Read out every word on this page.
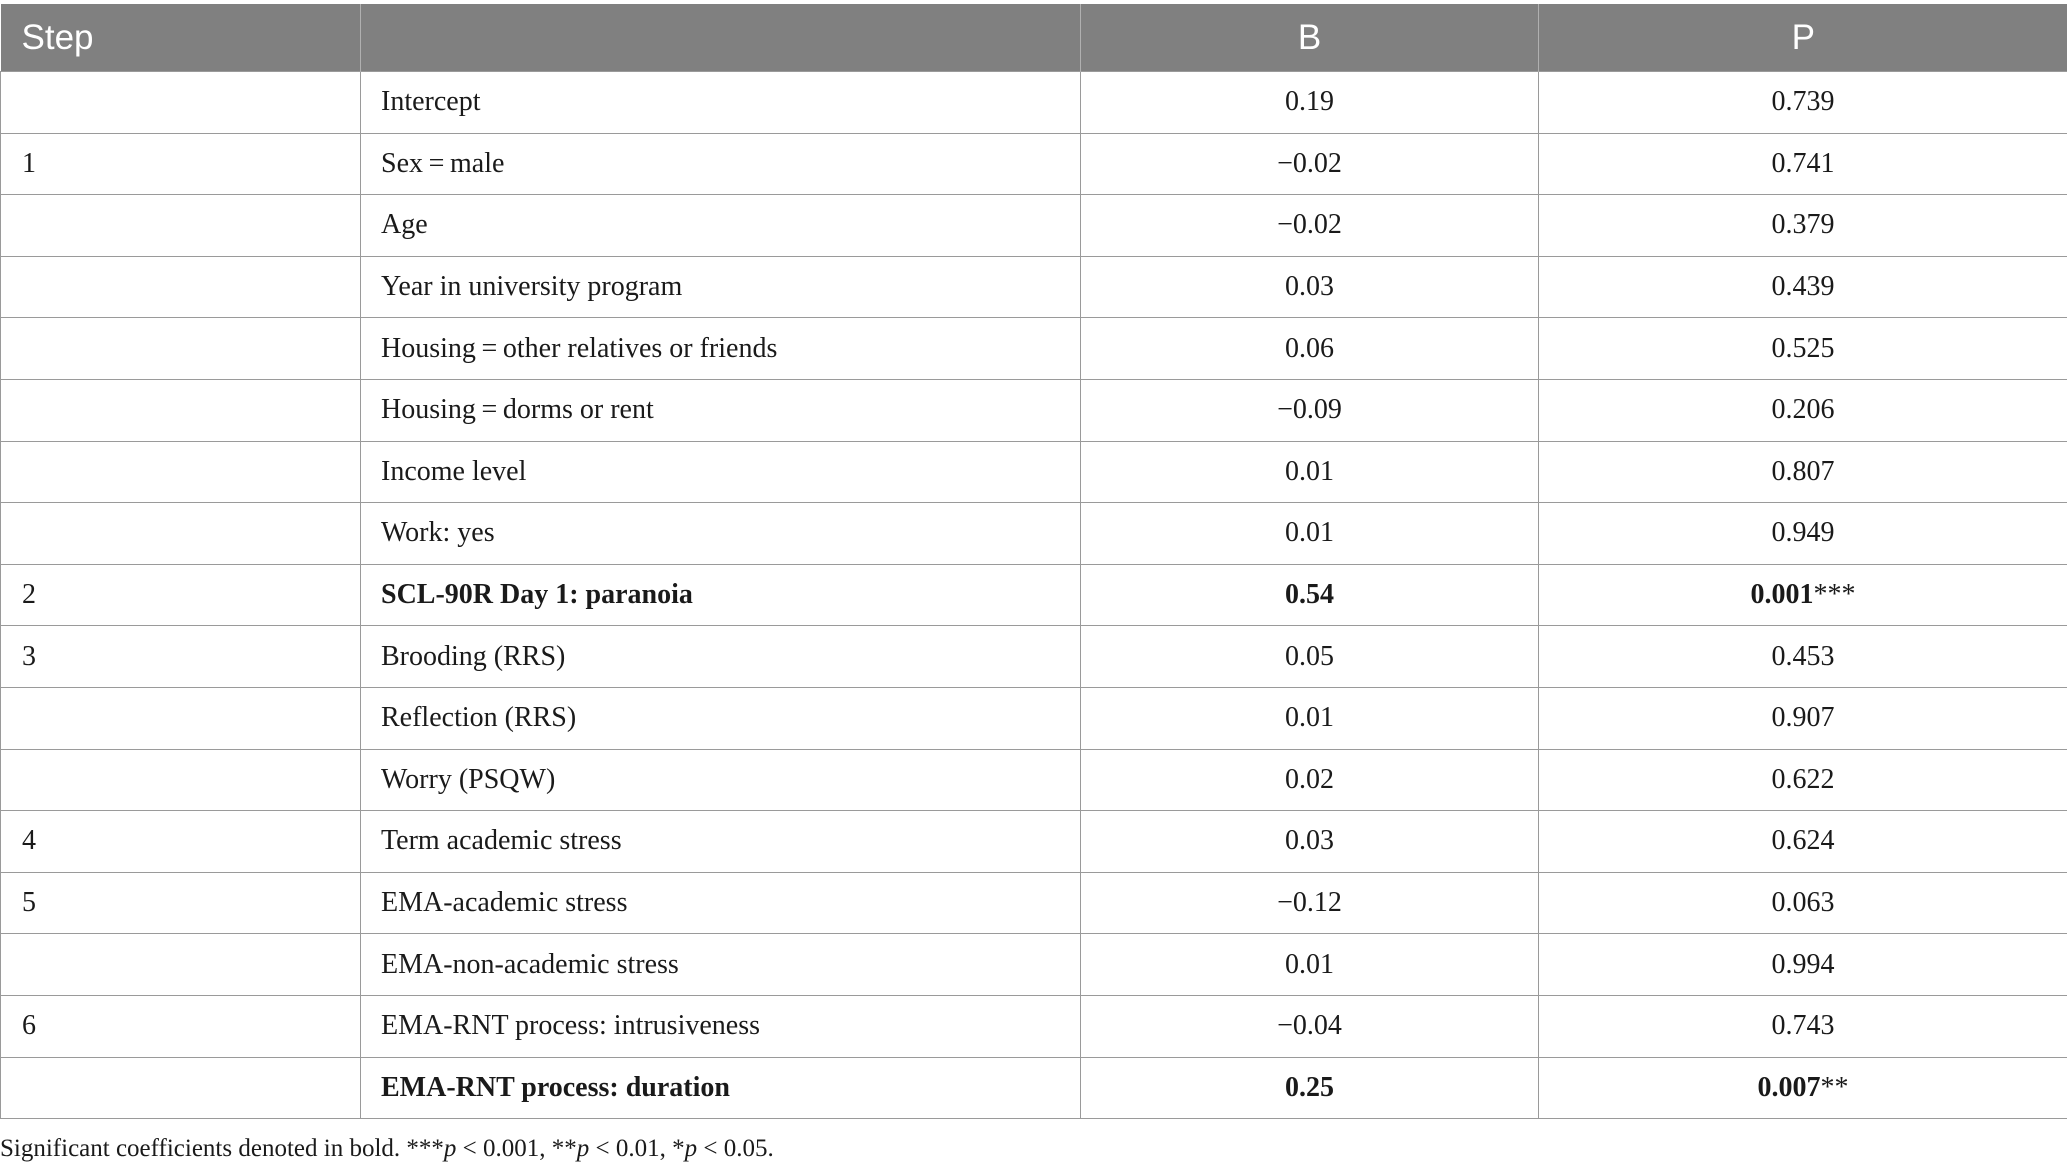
Step		B	P
	Intercept	0.19	0.739
1	Sex = male	−0.02	0.741
	Age	−0.02	0.379
	Year in university program	0.03	0.439
	Housing = other relatives or friends	0.06	0.525
	Housing = dorms or rent	−0.09	0.206
	Income level	0.01	0.807
	Work: yes	0.01	0.949
2	SCL-90R Day 1: paranoia	0.54	0.001***
3	Brooding (RRS)	0.05	0.453
	Reflection (RRS)	0.01	0.907
	Worry (PSQW)	0.02	0.622
4	Term academic stress	0.03	0.624
5	EMA-academic stress	−0.12	0.063
	EMA-non-academic stress	0.01	0.994
6	EMA-RNT process: intrusiveness	−0.04	0.743
	EMA-RNT process: duration	0.25	0.007**
Significant coefficients denoted in bold. ***p < 0.001, **p < 0.01, *p < 0.05.
